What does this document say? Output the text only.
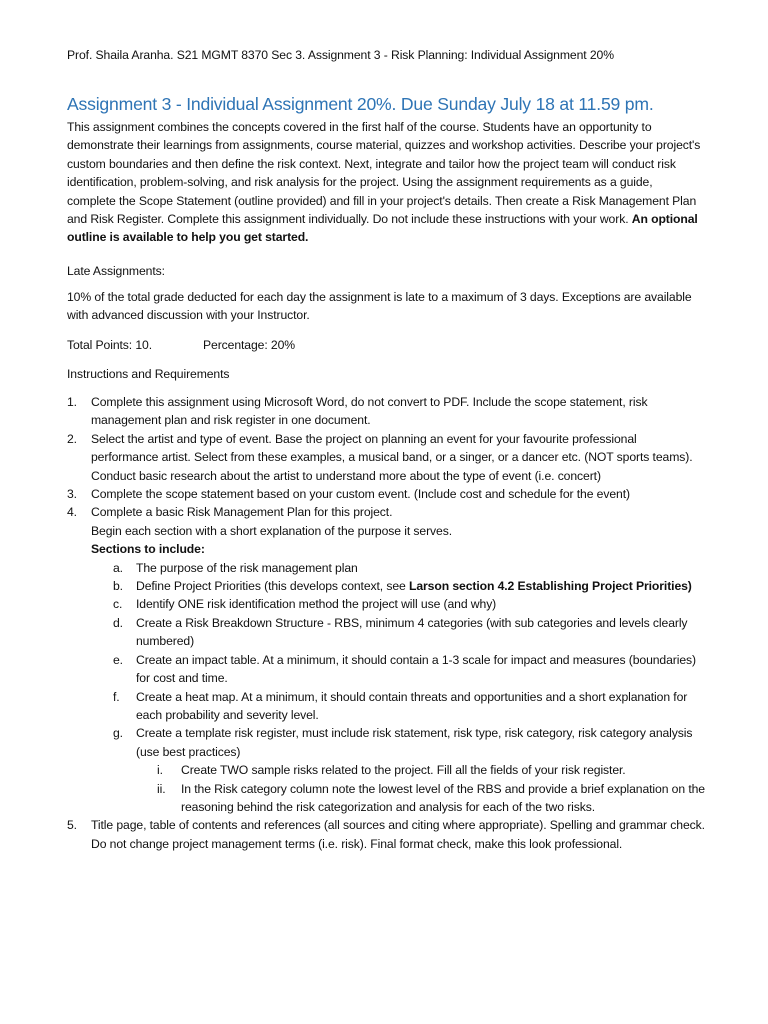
Prof. Shaila Aranha. S21 MGMT 8370 Sec 3. Assignment 3 - Risk Planning: Individual Assignment 20%
Assignment 3 - Individual Assignment 20%. Due Sunday July 18 at 11.59 pm.
This assignment combines the concepts covered in the first half of the course. Students have an opportunity to demonstrate their learnings from assignments, course material, quizzes and workshop activities. Describe your project's custom boundaries and then define the risk context. Next, integrate and tailor how the project team will conduct risk identification, problem-solving, and risk analysis for the project. Using the assignment requirements as a guide, complete the Scope Statement (outline provided) and fill in your project's details. Then create a Risk Management Plan and Risk Register. Complete this assignment individually. Do not include these instructions with your work. An optional outline is available to help you get started.
Late Assignments:
10% of the total grade deducted for each day the assignment is late to a maximum of 3 days. Exceptions are available with advanced discussion with your Instructor.
Total Points: 10.	Percentage: 20%
Instructions and Requirements
1. Complete this assignment using Microsoft Word, do not convert to PDF. Include the scope statement, risk management plan and risk register in one document.
2. Select the artist and type of event. Base the project on planning an event for your favourite professional performance artist. Select from these examples, a musical band, or a singer, or a dancer etc. (NOT sports teams). Conduct basic research about the artist to understand more about the type of event (i.e. concert)
3. Complete the scope statement based on your custom event. (Include cost and schedule for the event)
4. Complete a basic Risk Management Plan for this project.
Begin each section with a short explanation of the purpose it serves.
Sections to include:
a. The purpose of the risk management plan
b. Define Project Priorities (this develops context, see Larson section 4.2 Establishing Project Priorities)
c. Identify ONE risk identification method the project will use (and why)
d. Create a Risk Breakdown Structure - RBS, minimum 4 categories (with sub categories and levels clearly numbered)
e. Create an impact table. At a minimum, it should contain a 1-3 scale for impact and measures (boundaries) for cost and time.
f. Create a heat map. At a minimum, it should contain threats and opportunities and a short explanation for each probability and severity level.
g. Create a template risk register, must include risk statement, risk type, risk category, risk category analysis (use best practices)
i. Create TWO sample risks related to the project. Fill all the fields of your risk register.
ii. In the Risk category column note the lowest level of the RBS and provide a brief explanation on the reasoning behind the risk categorization and analysis for each of the two risks.
5. Title page, table of contents and references (all sources and citing where appropriate). Spelling and grammar check. Do not change project management terms (i.e. risk). Final format check, make this look professional.
